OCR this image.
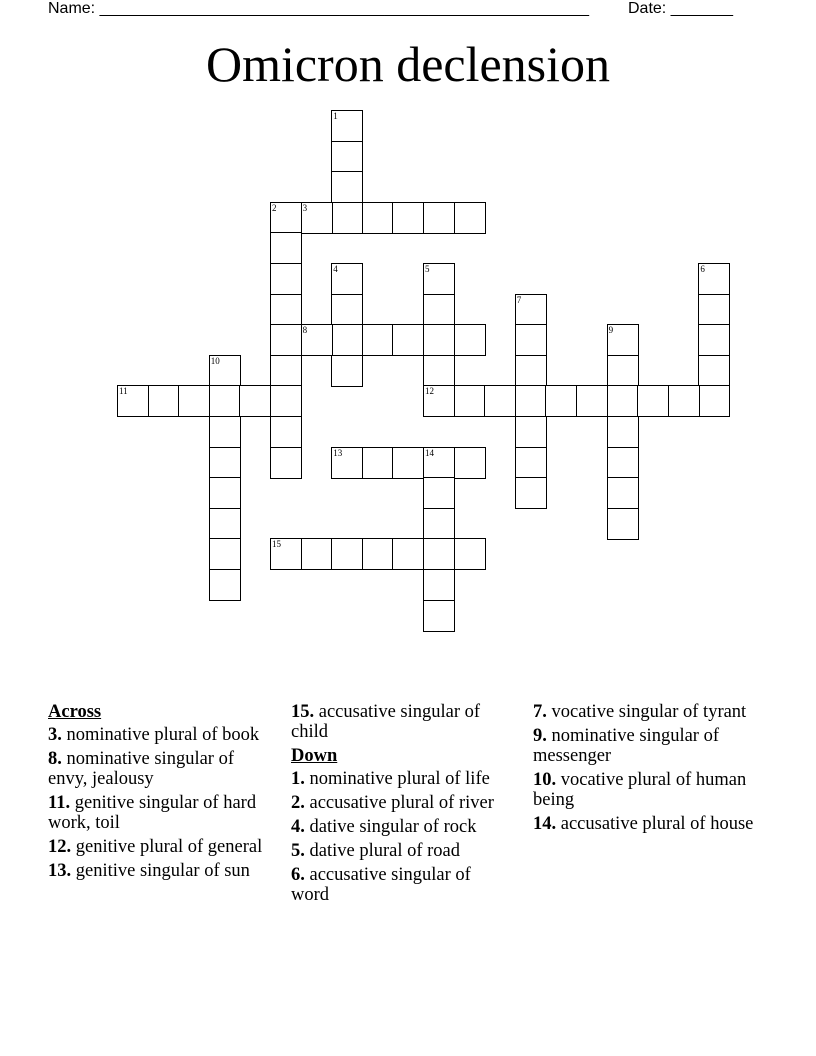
Name: _______________________________________________________ Date: _______
Omicron declension
1
2	3
4	5
12
6
7
8	9
10
11
13	14
15
Across
3. nominative plural of book
8. nominative singular of envy, jealousy
11. genitive singular of hard work, toil
12. genitive plural of general
13. genitive singular of sun
15. accusative singular of child
Down
1. nominative plural of life
2. accusative plural of river
4. dative singular of rock
5. dative plural of road
6. accusative singular of word
7. vocative singular of tyrant
9. nominative singular of messenger
10. vocative plural of human being
14. accusative plural of house
